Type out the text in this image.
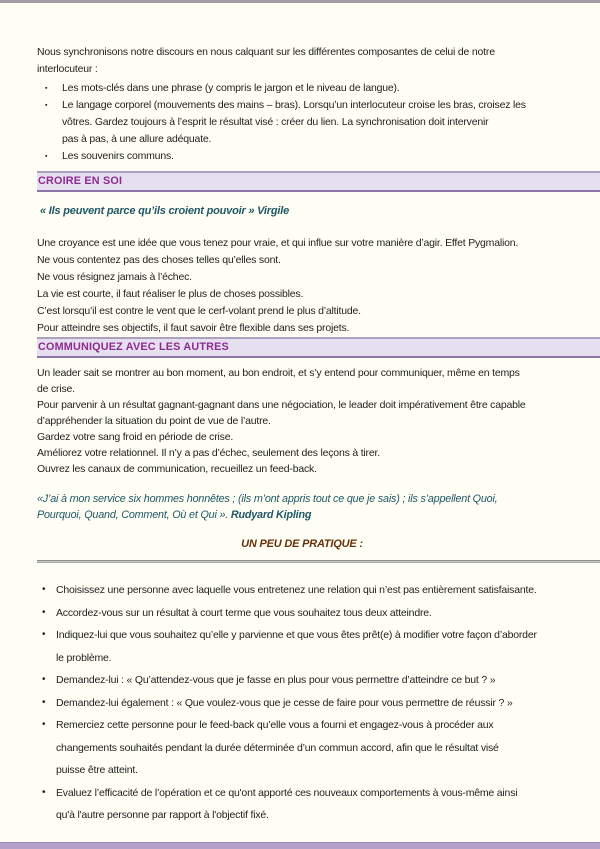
Nous synchronisons notre discours en nous calquant sur les différentes composantes de celui de notre
interlocuteur :
▪	Les mots-clés dans une phrase (y compris le jargon et le niveau de langue).
▪	Le langage corporel (mouvements des mains – bras). Lorsqu’un interlocuteur croise les bras, croisez les
vôtres. Gardez toujours à l’esprit le résultat visé : créer du lien. La synchronisation doit intervenir
pas à pas, à une allure adéquate.
▪	Les souvenirs communs.
CROIRE EN SOI
« Ils peuvent parce qu’ils croient pouvoir » Virgile
Une croyance est une idée que vous tenez pour vraie, et qui influe sur votre manière d’agir. Effet Pygmalion.
Ne vous contentez pas des choses telles qu’elles sont.
Ne vous résignez jamais à l’échec.
La vie est courte, il faut réaliser le plus de choses possibles.
C’est lorsqu’il est contre le vent que le cerf-volant prend le plus d’altitude.
Pour atteindre ses objectifs, il faut savoir être flexible dans ses projets.
COMMUNIQUEZ AVEC LES AUTRES
Un leader sait se montrer au bon moment, au bon endroit, et s’y entend pour communiquer, même en temps
de crise.
Pour parvenir à un résultat gagnant-gagnant dans une négociation, le leader doit impérativement être capable
d’appréhender la situation du point de vue de l’autre.
Gardez votre sang froid en période de crise.
Améliorez votre relationnel. Il n’y a pas d’échec, seulement des leçons à tirer.
Ouvrez les canaux de communication, recueillez un feed-back.
«J’ai à mon service six hommes honnêtes ; (ils m’ont appris tout ce que je sais) ; ils s’appellent Quoi,
Pourquoi, Quand, Comment, Où et Qui ». Rudyard Kipling
UN PEU DE PRATIQUE :
•	Choisissez une personne avec laquelle vous entretenez une relation qui n’est pas entièrement satisfaisante.
•	Accordez-vous sur un résultat à court terme que vous souhaitez tous deux atteindre.
•	Indiquez-lui que vous souhaitez qu’elle y parvienne et que vous êtes prêt(e) à modifier votre façon d’aborder
le problème.
•	Demandez-lui : « Qu’attendez-vous que je fasse en plus pour vous permettre d’atteindre ce but ? »
•	Demandez-lui également : « Que voulez-vous que je cesse de faire pour vous permettre de réussir ? »
•	Remerciez cette personne pour le feed-back qu’elle vous a fourni et engagez-vous à procéder aux
changements souhaités pendant la durée déterminée d’un commun accord, afin que le résultat visé
puisse être atteint.
•	Evaluez l’efficacité de l’opération et ce qu'ont apporté ces nouveaux comportements à vous-même ainsi
qu'à l'autre personne par rapport à l'objectif fixé.
